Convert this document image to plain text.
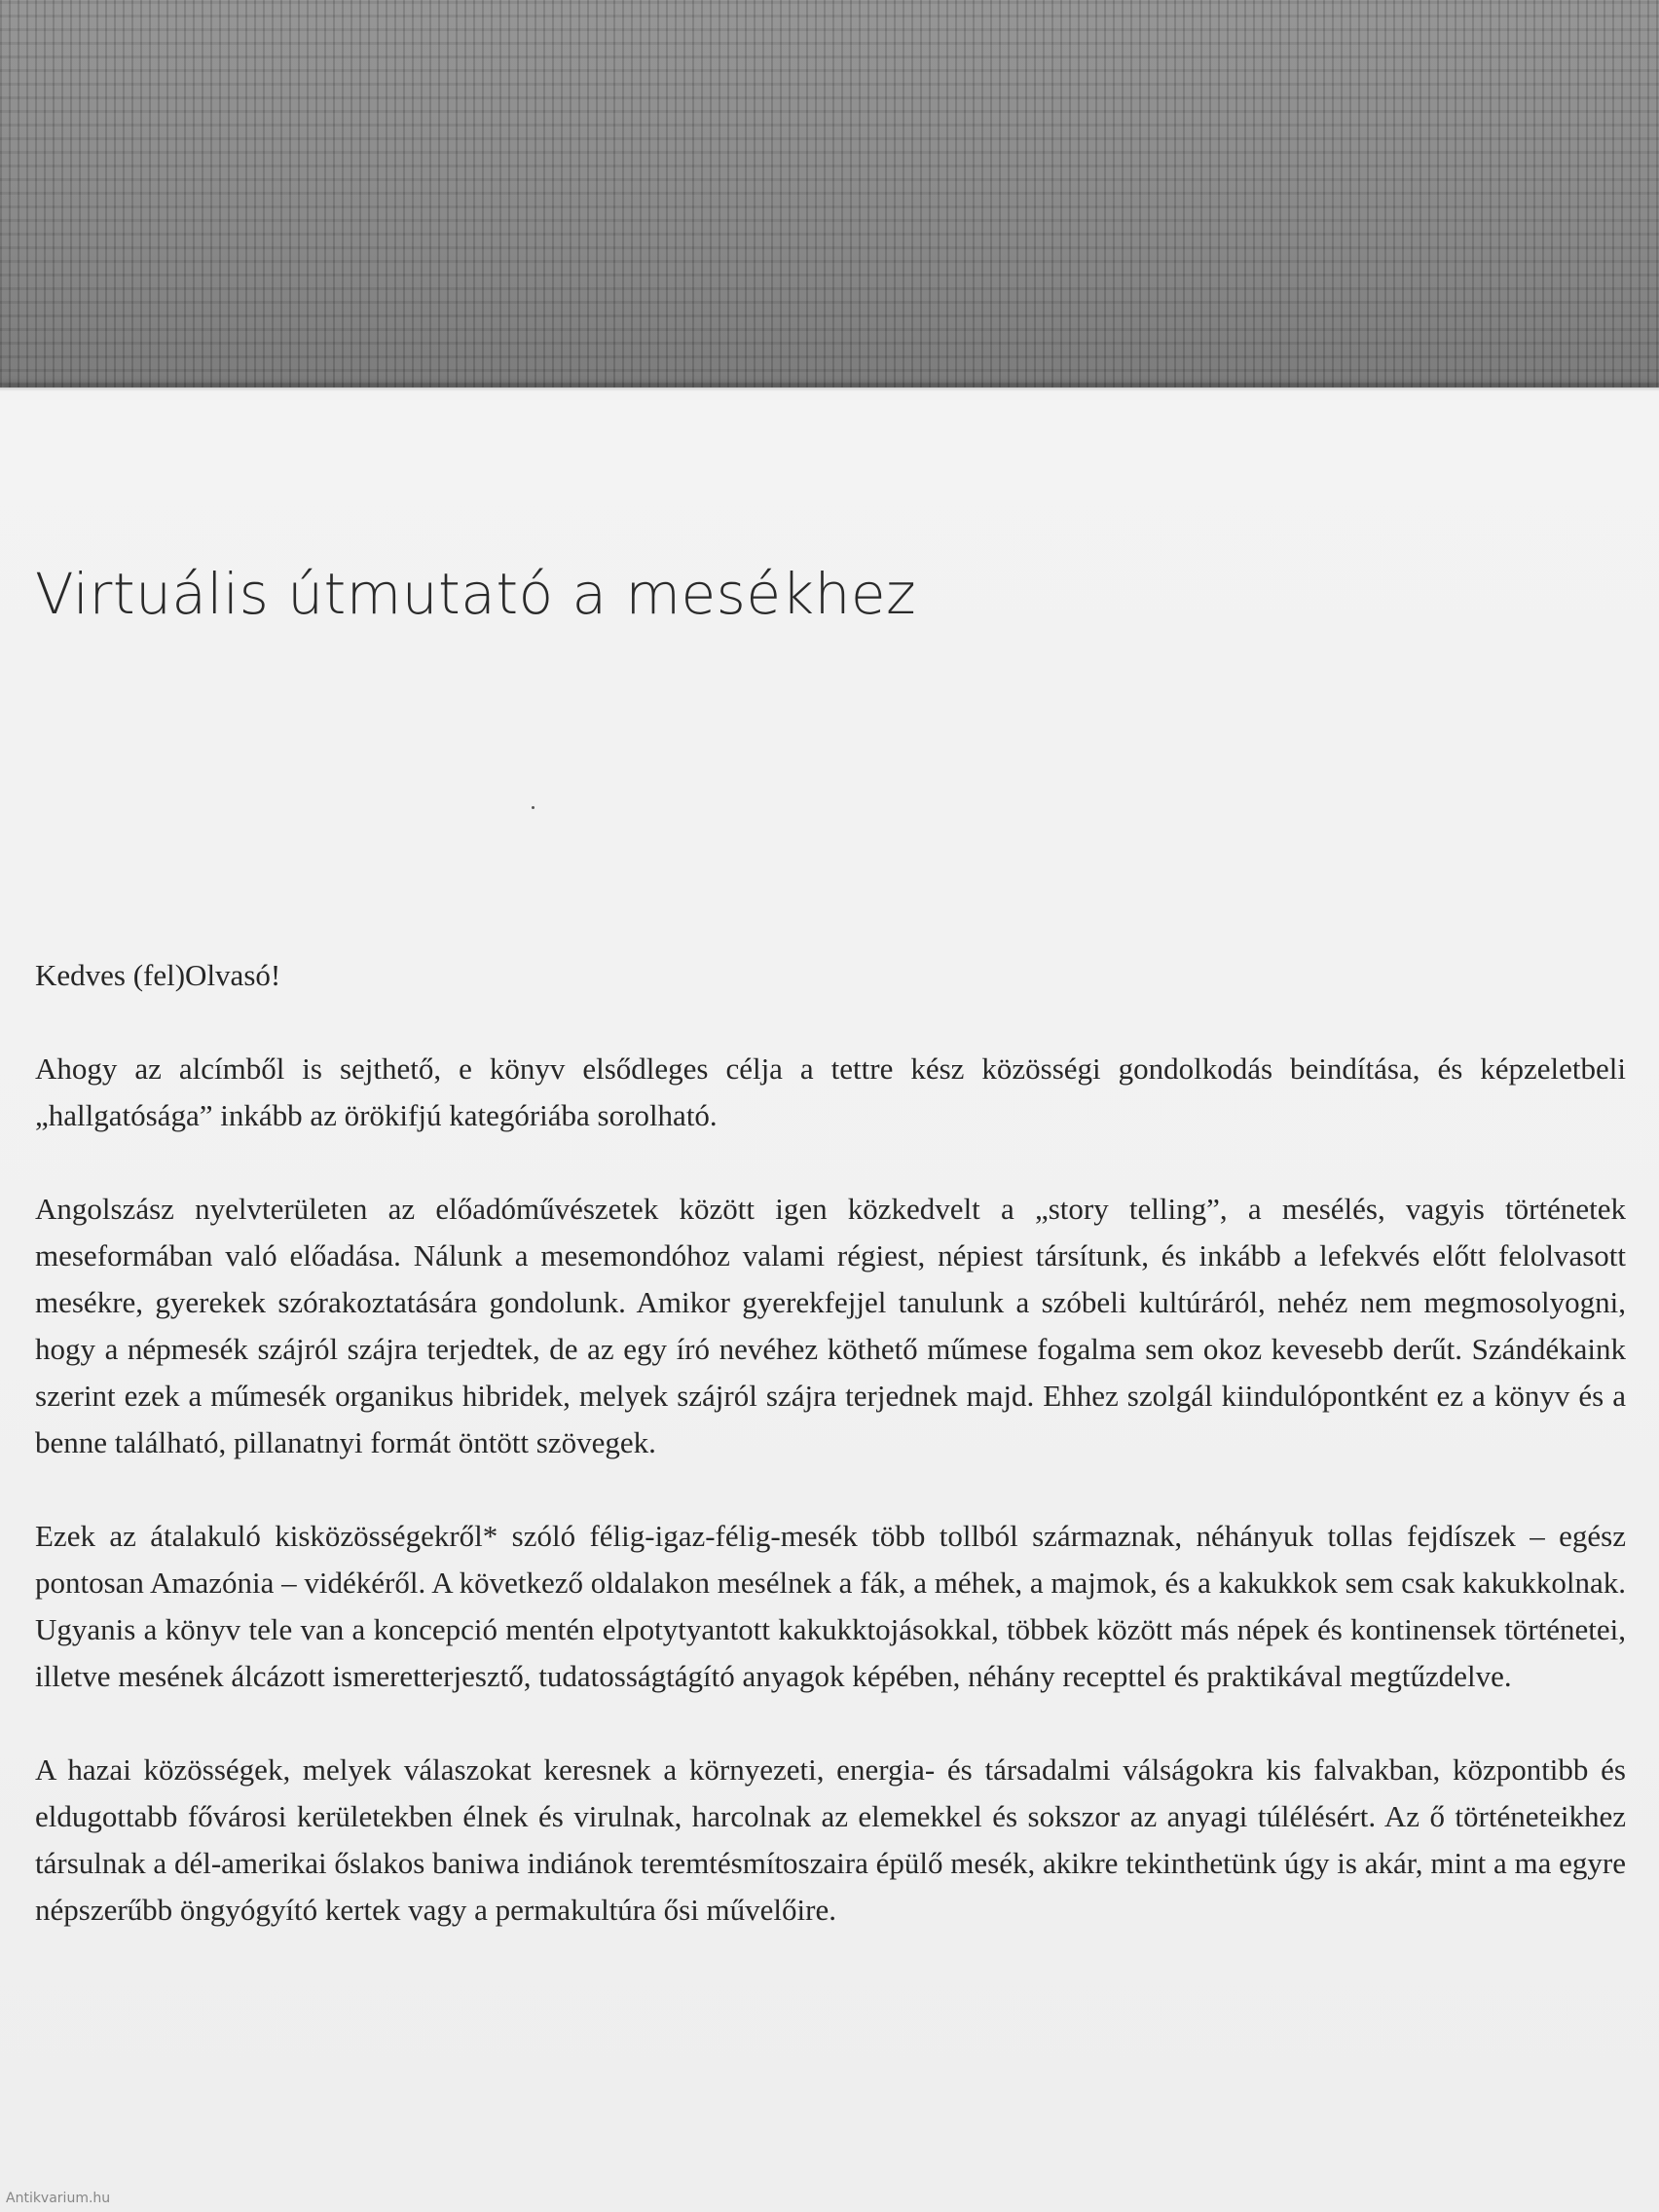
Virtuális útmutató a mesékhez

Kedves (fel)Olvasó!

Ahogy az alcímből is sejthető, e könyv elsődleges célja a tettre kész közösségi gondolkodás beindítása, és képzeletbeli „hallgatósága” inkább az örökifjú kategóriába sorolható.

Angolszász nyelvterületen az előadóművészetek között igen közkedvelt a „story telling”, a mesélés, vagyis történetek meseformában való előadása. Nálunk a mesemondóhoz valami régiest, népiest társítunk, és inkább a lefekvés előtt felolvasott mesékre, gyerekek szórakoztatására gondolunk. Amikor gyerekfejjel tanulunk a szóbeli kultúráról, nehéz nem megmosolyogni, hogy a népmesék szájról szájra terjedtek, de az egy író nevéhez köthető műmese fogalma sem okoz kevesebb derűt. Szándékaink szerint ezek a műmesék organikus hibridek, melyek szájról szájra terjednek majd. Ehhez szolgál kiindulópontként ez a könyv és a benne található, pillanatnyi formát öntött szövegek.

Ezek az átalakuló kisközösségekről* szóló félig-igaz-félig-mesék több tollból származnak, néhányuk tollas fejdíszek – egész pontosan Amazónia – vidékéről. A következő oldalakon mesélnek a fák, a méhek, a majmok, és a kakukkok sem csak kakukkolnak. Ugyanis a könyv tele van a koncepció mentén elpotytyantott kakukktojásokkal, többek között más népek és kontinensek történetei, illetve mesének álcázott ismeretterjesztő, tudatosságtágító anyagok képében, néhány recepttel és praktikával megtűzdelve.

A hazai közösségek, melyek válaszokat keresnek a környezeti, energia- és társadalmi válságokra kis falvakban, központibb és eldugottabb fővárosi kerületekben élnek és virulnak, harcolnak az elemekkel és sokszor az anyagi túlélésért. Az ő történeteikhez társulnak a dél-amerikai őslakos baniwa indiánok teremtésmítoszaira épülő mesék, akikre tekinthetünk úgy is akár, mint a ma egyre népszerűbb öngyógyító kertek vagy a permakultúra ősi művelőire.

Antikvarium.hu
